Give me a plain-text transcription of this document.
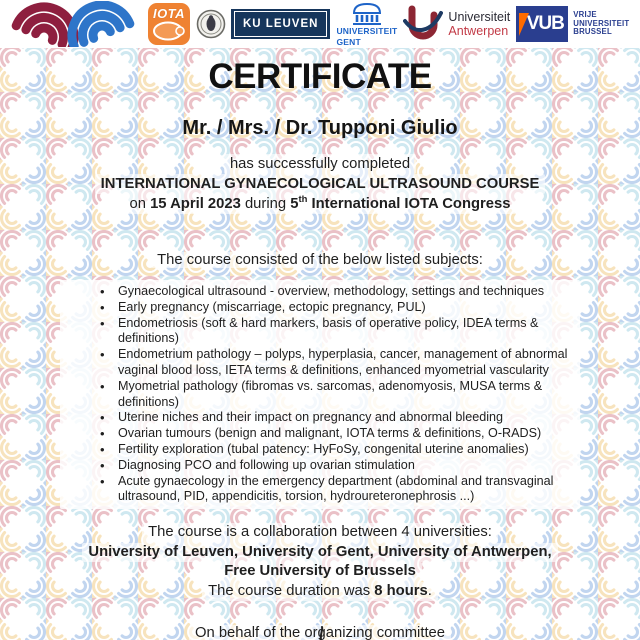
IOTA
KU LEUVEN
UNIVERSITEIT
GENT
Universiteit
Antwerpen VUB VRIJE
UNIVERSITEIT
BRUSSEL
CERTIFICATE
Mr. / Mrs. / Dr. Tupponi Giulio
has successfully completed
INTERNATIONAL GYNAECOLOGICAL ULTRASOUND COURSE
on 15 April 2023 during 5th International IOTA Congress
The course consisted of the below listed subjects:
• Gynaecological ultrasound - overview, methodology, settings and techniques
• Early pregnancy (miscarriage, ectopic pregnancy, PUL)
• Endometriosis (soft & hard markers, basis of operative policy, IDEA terms & definitions)
• Endometrium pathology – polyps, hyperplasia, cancer, management of abnormal vaginal blood loss, IETA terms & definitions, enhanced myometrial vascularity
• Myometrial pathology (fibromas vs. sarcomas, adenomyosis, MUSA terms & definitions)
• Uterine niches and their impact on pregnancy and abnormal bleeding
• Ovarian tumours (benign and malignant, IOTA terms & definitions, O-RADS)
• Fertility exploration (tubal patency: HyFoSy, congenital uterine anomalies)
• Diagnosing PCO and following up ovarian stimulation
• Acute gynaecology in the emergency department (abdominal and transvaginal ultrasound, PID, appendicitis, torsion, hydroureteronephrosis ...)
The course is a collaboration between 4 universities:
University of Leuven, University of Gent, University of Antwerpen,
Free University of Brussels
The course duration was 8 hours.
On behalf of the organizing committee
